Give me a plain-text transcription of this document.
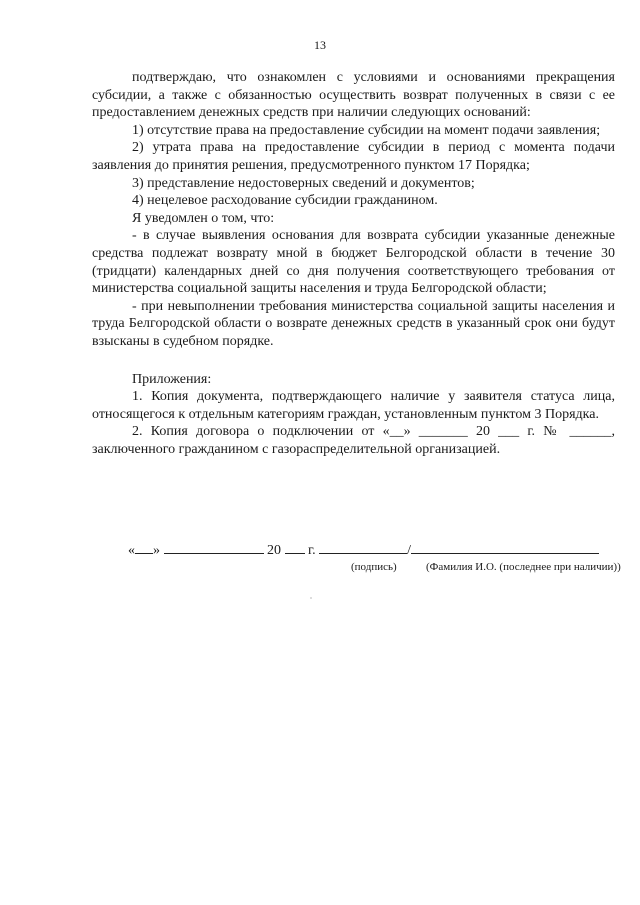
13

подтверждаю, что ознакомлен с условиями и основаниями прекращения субсидии, а также с обязанностью осуществить возврат полученных в связи с ее предоставлением денежных средств при наличии следующих оснований:

1) отсутствие права на предоставление субсидии на момент подачи заявления;

2) утрата права на предоставление субсидии в период с момента подачи заявления до принятия решения, предусмотренного пунктом 17 Порядка;

3) представление недостоверных сведений и документов;

4) нецелевое расходование субсидии гражданином.

Я уведомлен о том, что:

- в случае выявления основания для возврата субсидии указанные денежные средства подлежат возврату мной в бюджет Белгородской области в течение 30 (тридцати) календарных дней со дня получения соответствующего требования от министерства социальной защиты населения и труда Белгородской области;

- при невыполнении требования министерства социальной защиты населения и труда Белгородской области о возврате денежных средств в указанный срок они будут взысканы в судебном порядке.

Приложения:

1. Копия документа, подтверждающего наличие у заявителя статуса лица, относящегося к отдельным категориям граждан, установленным пунктом 3 Порядка.

2. Копия договора о подключении от «__» _______ 20 ___ г. № ______, заключенного гражданином с газораспределительной организацией.

« »	20 г.	/
(подпись)	(Фамилия И.О. (последнее при наличии))
